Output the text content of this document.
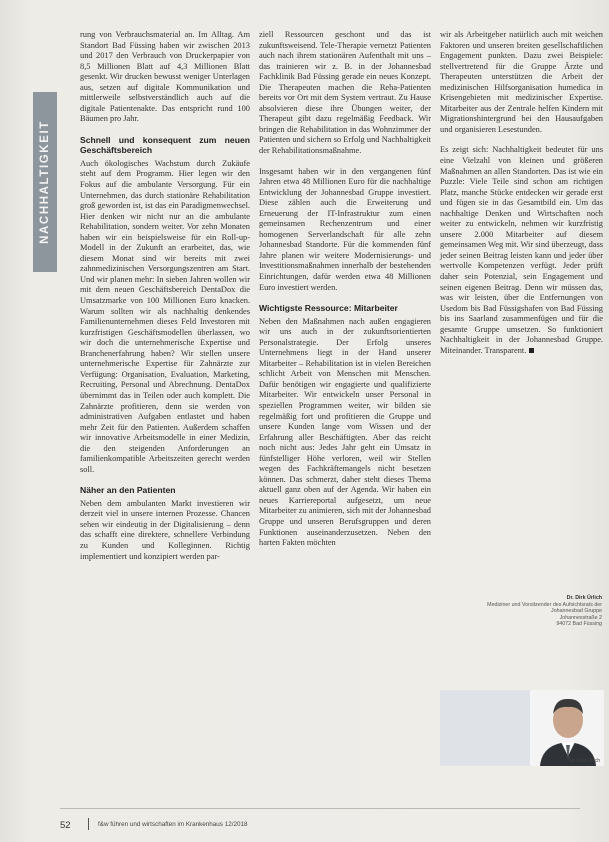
NACHHALTIGKEIT

rung von Verbrauchsmaterial an. Im Alltag. Am Standort Bad Füssing haben wir zwischen 2013 und 2017 den Verbrauch von Druckerpapier von 8,5 Millionen Blatt auf 4,3 Millionen Blatt gesenkt. Wir drucken bewusst weniger Unterlagen aus, setzen auf digitale Kommunikation und mittlerweile selbstverständlich auch auf die digitale Patientenakte. Das entspricht rund 100 Bäumen pro Jahr.

Schnell und konsequent zum neuen Geschäftsbereich

Auch ökologisches Wachstum durch Zukäufe steht auf dem Programm. Hier legen wir den Fokus auf die ambulante Versorgung. Für ein Unternehmen, das durch stationäre Rehabilitation groß geworden ist, ist das ein Paradigmenwechsel. Hier denken wir nicht nur an die ambulante Rehabilitation, sondern weiter. Vor zehn Monaten haben wir ein beispielsweise für ein Roll-up-Modell in der Zukunft an erarbeitet, das, wie diesem Monat sind wir bereits mit zwei zahnmedizinischen Versorgungszentren am Start. Und wir planen mehr: In sieben Jahren wollen wir mit dem neuen Geschäftsbereich DentaDox die Umsatzmarke von 100 Millionen Euro knacken. Warum sollten wir als nachhaltig denkendes Familienunternehmen dieses Feld Investoren mit kurzfristigen Geschäftsmodellen überlassen, wo wir doch die unternehmerische Expertise und Branchenerfahrung haben? Wir stellen unsere unternehmerische Expertise für Zahnärzte zur Verfügung: Organisation, Evaluation, Marketing, Recruiting, Personal und Abrechnung. DentaDox übernimmt das in Teilen oder auch komplett. Die Zahnärzte profitieren, denn sie werden von administrativen Aufgaben entlastet und haben mehr Zeit für den Patienten. Außerdem schaffen wir innovative Arbeitsmodelle in einer Medizin, die den steigenden Anforderungen an familienkompatible Arbeitszeiten gerecht werden soll.

Näher an den Patienten

Neben dem ambulanten Markt investieren wir derzeit viel in unsere internen Prozesse. Chancen sehen wir eindeutig in der Digitalisierung – denn das schafft eine direktere, schnellere Verbindung zu Kunden und Kolleginnen. Richtig implementiert und konzipiert werden par-

ziell Ressourcen geschont und das ist zukunftsweisend. Tele-Therapie vernetzt Patienten auch nach ihrem stationären Aufenthalt mit uns – das trainieren wir z. B. in der Johannesbad Fachklinik Bad Füssing gerade ein neues Konzept. Die Therapeuten machen die Reha-Patienten bereits vor Ort mit dem System vertraut. Zu Hause absolvieren diese ihre Übungen weiter, der Therapeut gibt dazu regelmäßig Feedback. Wir bringen die Rehabilitation in das Wohnzimmer der Patienten und sichern so Erfolg und Nachhaltigkeit der Rehabilitationsmaßnahme.

Insgesamt haben wir in den vergangenen fünf Jahren etwa 48 Millionen Euro für die nachhaltige Entwicklung der Johannesbad Gruppe investiert. Diese zählen auch die Erweiterung und Erneuerung der IT-Infrastruktur zum einen gemeinsamen Rechenzentrum und einer homogenen Serverlandschaft für alle zehn Johannesbad Standorte. Für die kommenden fünf Jahre planen wir weitere Modernisierungs- und Investitionsmaßnahmen innerhalb der bestehenden Einrichtungen, dafür werden etwa 48 Millionen Euro investiert werden.

Wichtigste Ressource: Mitarbeiter

Neben den Maßnahmen nach außen engagieren wir uns auch in der zukunftsorientierten Personalstrategie. Der Erfolg unseres Unternehmens liegt in der Hand unserer Mitarbeiter – Rehabilitation ist in vielen Bereichen schlicht Arbeit von Menschen mit Menschen. Dafür benötigen wir engagierte und qualifizierte Mitarbeiter. Wir entwickeln unser Personal in speziellen Programmen weiter, wir bilden sie regelmäßig fort und profitieren die Gruppe und unsere Kunden lange vom Wissen und der Erfahrung aller Beschäftigten. Aber das reicht noch nicht aus: Jedes Jahr geht ein Umsatz in fünfstelliger Höhe verloren, weil wir Stellen wegen des Fachkräftemangels nicht besetzen können. Das schmerzt, daher steht dieses Thema aktuell ganz oben auf der Agenda. Wir haben ein neues Karriereportal aufgesetzt, um neue Mitarbeiter zu animieren, sich mit der Johannesbad Gruppe und unseren Berufsgruppen und deren Funktionen auseinanderzusetzen. Neben den harten Fakten möchten

wir als Arbeitgeber natürlich auch mit weichen Faktoren und unseren breiten gesellschaftlichen Engagement punkten. Dazu zwei Beispiele: stellvertretend für die Gruppe Ärzte und Therapeuten unterstützen die Arbeit der medizinischen Hilfsorganisation humedica in Krisengebieten mit medizinischer Expertise. Mitarbeiter aus der Zentrale helfen Kindern mit Migrationshintergrund bei den Hausaufgaben und organisieren Lesestunden.

Es zeigt sich: Nachhaltigkeit bedeutet für uns eine Vielzahl von kleinen und größeren Maßnahmen an allen Standorten. Das ist wie ein Puzzle: Viele Teile sind schon am richtigen Platz, manche Stücke entdecken wir gerade erst und fügen sie in das Gesamtbild ein. Um das nachhaltige Denken und Wirtschaften noch weiter zu entwickeln, nehmen wir kurzfristig unsere 2.000 Mitarbeiter auf diesem gemeinsamen Weg mit. Wir sind überzeugt, dass jeder seinen Beitrag leisten kann und jeder über wertvolle Kompetenzen verfügt. Jeder prüft daher sein Potenzial, sein Engagement und seinen eigenen Beitrag. Denn wir müssen das, was wir leisten, über die Entfernungen von Usedom bis Bad Füssigshafen von Bad Füssing bis ins Saarland zusammenfügen und für die gesamte Gruppe umsetzen. So funktioniert Nachhaltigkeit in der Johannesbad Gruppe. Miteinander. Transparent.

Dr. Dirk Ürlich
Mediziner und Vorsitzender des Aufsichtsrats der
Johannesbad Gruppe
Johannesstraße 2
94072 Bad Füssing
Dr. Dirk Ürlich
52	f&w führen und wirtschaften im Krankenhaus 12/2018
